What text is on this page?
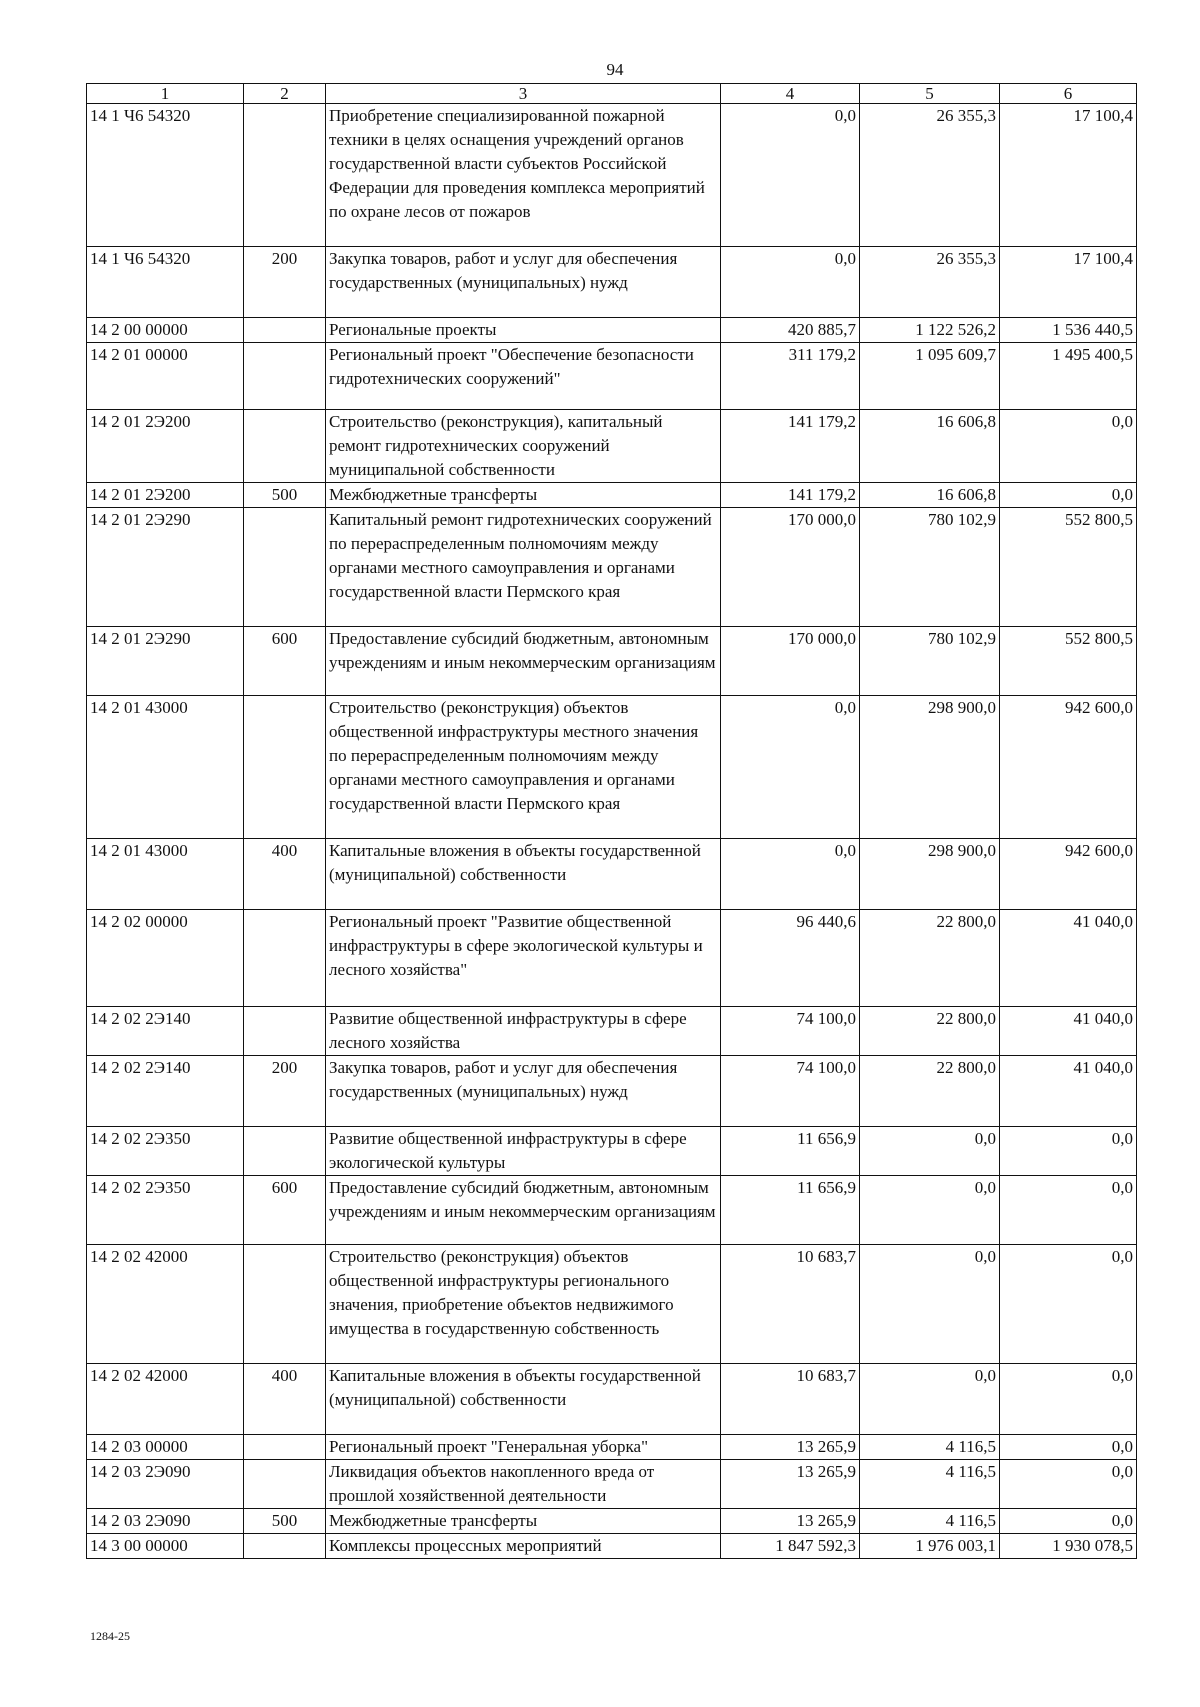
94
1	2	3	4	5	6
14 1 Ч6 54320		Приобретение специализированной пожарной техники в целях оснащения учреждений органов государственной власти субъектов Российской Федерации для проведения комплекса мероприятий по охране лесов от пожаров	0,0	26 355,3	17 100,4
14 1 Ч6 54320	200	Закупка товаров, работ и услуг для обеспечения государственных (муниципальных) нужд	0,0	26 355,3	17 100,4
14 2 00 00000		Региональные проекты	420 885,7	1 122 526,2	1 536 440,5
14 2 01 00000		Региональный проект "Обеспечение безопасности гидротехнических сооружений"	311 179,2	1 095 609,7	1 495 400,5
14 2 01 2Э200		Строительство (реконструкция), капитальный ремонт гидротехнических сооружений муниципальной собственности	141 179,2	16 606,8	0,0
14 2 01 2Э200	500	Межбюджетные трансферты	141 179,2	16 606,8	0,0
14 2 01 2Э290		Капитальный ремонт гидротехнических сооружений по перераспределенным полномочиям между органами местного самоуправления и органами государственной власти Пермского края	170 000,0	780 102,9	552 800,5
14 2 01 2Э290	600	Предоставление субсидий бюджетным, автономным учреждениям и иным некоммерческим организациям	170 000,0	780 102,9	552 800,5
14 2 01 43000		Строительство (реконструкция) объектов общественной инфраструктуры местного значения по перераспределенным полномочиям между органами местного самоуправления и органами государственной власти Пермского края	0,0	298 900,0	942 600,0
14 2 01 43000	400	Капитальные вложения в объекты государственной (муниципальной) собственности	0,0	298 900,0	942 600,0
14 2 02 00000		Региональный проект "Развитие общественной инфраструктуры в сфере экологической культуры и лесного хозяйства"	96 440,6	22 800,0	41 040,0
14 2 02 2Э140		Развитие общественной инфраструктуры в сфере лесного хозяйства	74 100,0	22 800,0	41 040,0
14 2 02 2Э140	200	Закупка товаров, работ и услуг для обеспечения государственных (муниципальных) нужд	74 100,0	22 800,0	41 040,0
14 2 02 2Э350		Развитие общественной инфраструктуры в сфере экологической культуры	11 656,9	0,0	0,0
14 2 02 2Э350	600	Предоставление субсидий бюджетным, автономным учреждениям и иным некоммерческим организациям	11 656,9	0,0	0,0
14 2 02 42000		Строительство (реконструкция) объектов общественной инфраструктуры регионального значения, приобретение объектов недвижимого имущества в государственную собственность	10 683,7	0,0	0,0
14 2 02 42000	400	Капитальные вложения в объекты государственной (муниципальной) собственности	10 683,7	0,0	0,0
14 2 03 00000		Региональный проект "Генеральная уборка"	13 265,9	4 116,5	0,0
14 2 03 2Э090		Ликвидация объектов накопленного вреда от прошлой хозяйственной деятельности	13 265,9	4 116,5	0,0
14 2 03 2Э090	500	Межбюджетные трансферты	13 265,9	4 116,5	0,0
14 3 00 00000		Комплексы процессных мероприятий	1 847 592,3	1 976 003,1	1 930 078,5
1284-25
